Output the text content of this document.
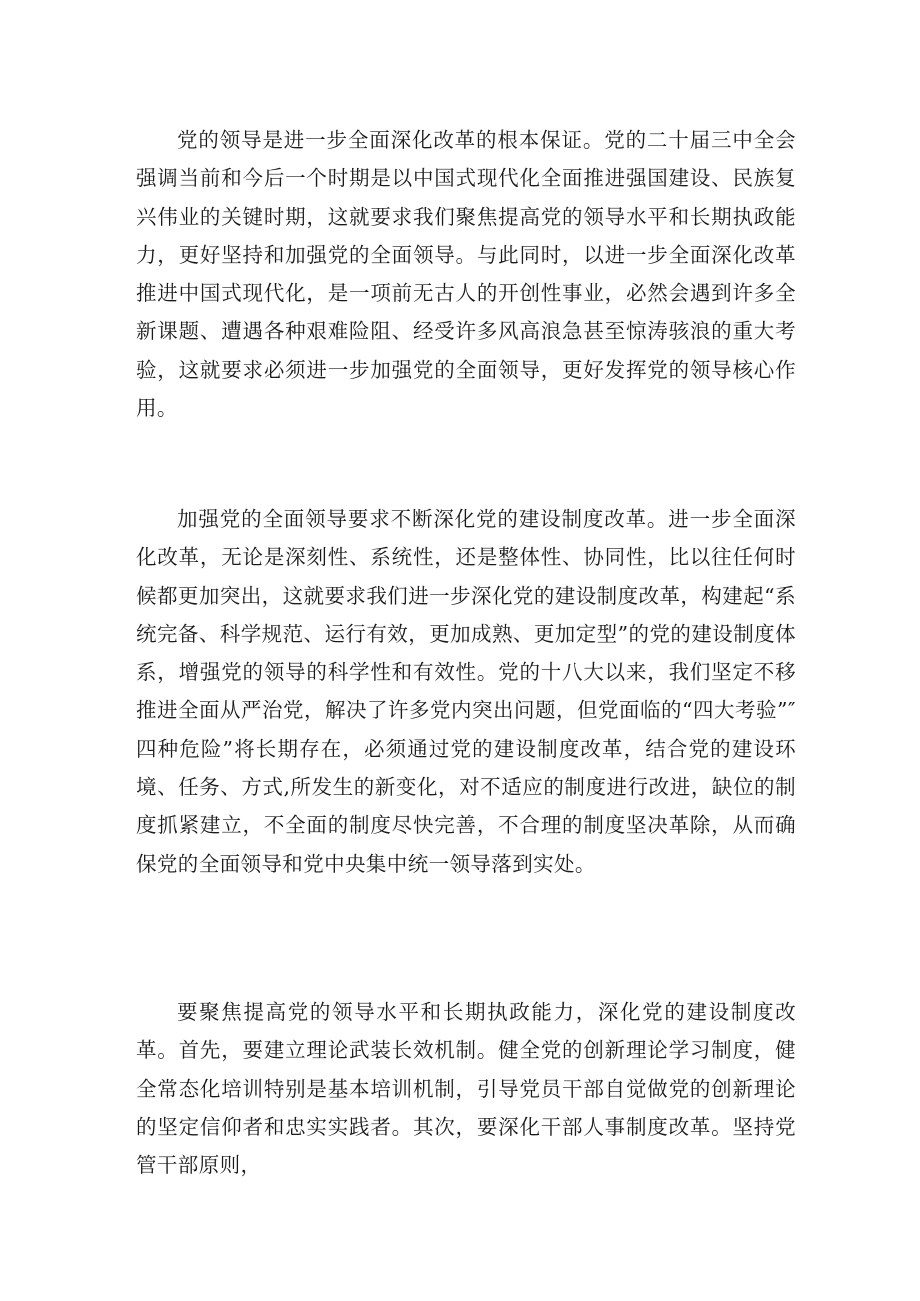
党的领导是进一步全面深化改革的根本保证。党的二十届三中全会强调当前和今后一个时期是以中国式现代化全面推进强国建设、民族复兴伟业的关键时期，这就要求我们聚焦提高党的领导水平和长期执政能力，更好坚持和加强党的全面领导。与此同时，以进一步全面深化改革推进中国式现代化，是一项前无古人的开创性事业，必然会遇到许多全新课题、遭遇各种艰难险阻、经受许多风高浪急甚至惊涛骇浪的重大考验，这就要求必须进一步加强党的全面领导，更好发挥党的领导核心作用。

加强党的全面领导要求不断深化党的建设制度改革。进一步全面深化改革，无论是深刻性、系统性，还是整体性、协同性，比以往任何时候都更加突出，这就要求我们进一步深化党的建设制度改革，构建起“系统完备、科学规范、运行有效，更加成熟、更加定型”的党的建设制度体系，增强党的领导的科学性和有效性。党的十八大以来，我们坚定不移推进全面从严治党，解决了许多党内突出问题，但党面临的“四大考验”″四种危险”将长期存在，必须通过党的建设制度改革，结合党的建设环境、任务、方式,所发生的新变化，对不适应的制度进行改进，缺位的制度抓紧建立，不全面的制度尽快完善，不合理的制度坚决革除，从而确保党的全面领导和党中央集中统一领导落到实处。

要聚焦提高党的领导水平和长期执政能力，深化党的建设制度改革。首先，要建立理论武装长效机制。健全党的创新理论学习制度，健全常态化培训特别是基本培训机制，引导党员干部自觉做党的创新理论的坚定信仰者和忠实实践者。其次，要深化干部人事制度改革。坚持党管干部原则，
